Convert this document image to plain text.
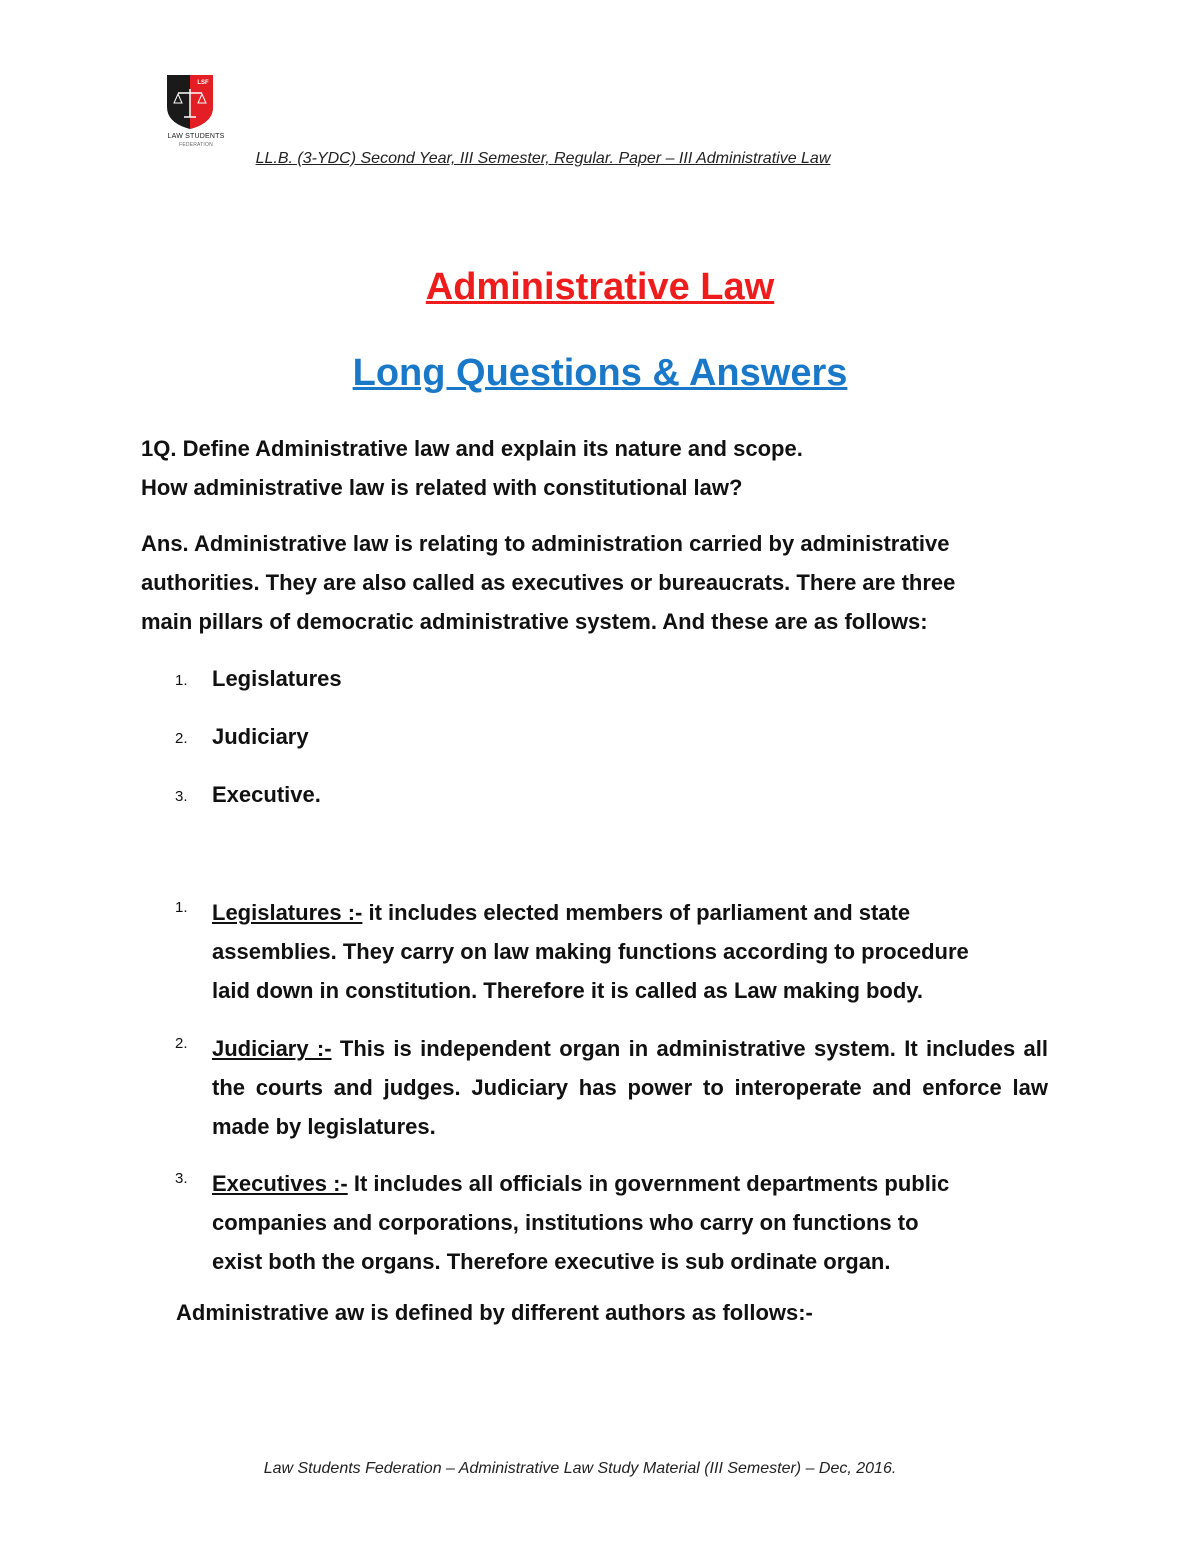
LSF
LAW STUDENTS
FEDERATION
LL.B. (3-YDC) Second Year, III Semester, Regular. Paper – III Administrative Law
Administrative Law
Long Questions & Answers
1Q. Define Administrative law and explain its nature and scope.
How administrative law is related with constitutional law?
Ans. Administrative law is relating to administration carried by administrative
authorities. They are also called as executives or bureaucrats. There are three
main pillars of democratic administrative system. And these are as follows:
1.	Legislatures
2.	Judiciary
3.	Executive.
1.	Legislatures :- it includes elected members of parliament and state
assemblies. They carry on law making functions according to procedure
laid down in constitution. Therefore it is called as Law making body.
2.	Judiciary :- This is independent organ in administrative system. It includes all the courts and judges. Judiciary has power to interoperate and enforce law made by legislatures.
3.	Executives :- It includes all officials in government departments public
companies and corporations, institutions who carry on functions to
exist both the organs. Therefore executive is sub ordinate organ.
Administrative aw is defined by different authors as follows:-
Law Students Federation – Administrative Law Study Material (III Semester) – Dec, 2016.
